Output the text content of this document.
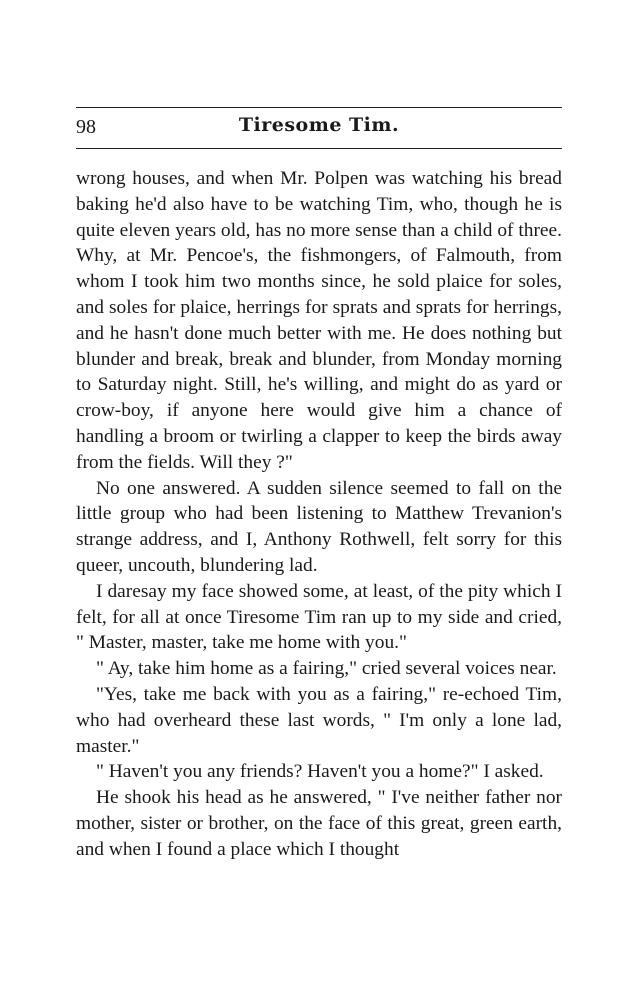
98	Tiresome Tim.

wrong houses, and when Mr. Polpen was watching his bread baking he'd also have to be watching Tim, who, though he is quite eleven years old, has no more sense than a child of three. Why, at Mr. Pencoe's, the fishmongers, of Falmouth, from whom I took him two months since, he sold plaice for soles, and soles for plaice, herrings for sprats and sprats for herrings, and he hasn't done much better with me. He does nothing but blunder and break, break and blunder, from Monday morning to Saturday night. Still, he's willing, and might do as yard or crow-boy, if anyone here would give him a chance of handling a broom or twirling a clapper to keep the birds away from the fields. Will they ?"

No one answered. A sudden silence seemed to fall on the little group who had been listening to Matthew Trevanion's strange address, and I, Anthony Rothwell, felt sorry for this queer, uncouth, blundering lad.

I daresay my face showed some, at least, of the pity which I felt, for all at once Tiresome Tim ran up to my side and cried, " Master, master, take me home with you."

" Ay, take him home as a fairing," cried several voices near.

"Yes, take me back with you as a fairing," re-echoed Tim, who had overheard these last words, " I'm only a lone lad, master."

" Haven't you any friends? Haven't you a home?" I asked.

He shook his head as he answered, " I've neither father nor mother, sister or brother, on the face of this great, green earth, and when I found a place which I thought
